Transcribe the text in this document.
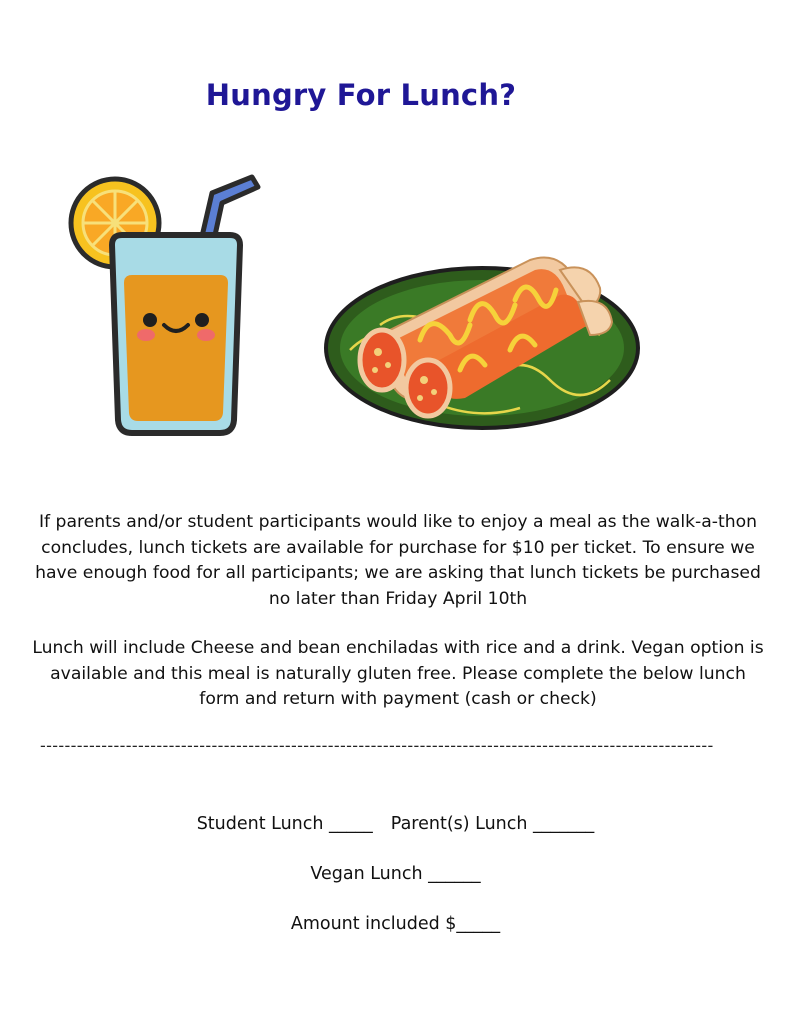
Hungry For Lunch?
If parents and/or student participants would like to enjoy a meal as the walk-a-thon concludes, lunch tickets are available for purchase for $10 per ticket. To ensure we have enough food for all participants; we are asking that lunch tickets be purchased no later than Friday April 10th
Lunch will include Cheese and bean enchiladas with rice and a drink. Vegan option is available and this meal is naturally gluten free. Please complete the below lunch form and return with payment (cash or check)
--------------------------------------------------------------------------------------------------------------
Student Lunch _____ Parent(s) Lunch _______
Vegan Lunch ______
Amount included $_____
